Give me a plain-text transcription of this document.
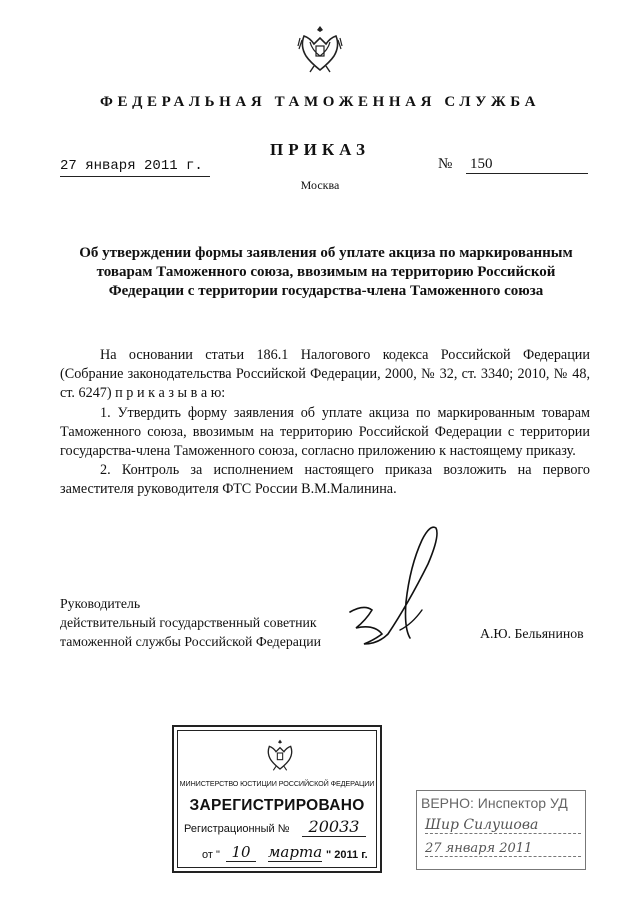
ФЕДЕРАЛЬНАЯ ТАМОЖЕННАЯ СЛУЖБА
ПРИКАЗ
27 января 2011 г.	№ 150
Москва
Об утверждении формы заявления об уплате акциза по маркированным товарам Таможенного союза, ввозимым на территорию Российской Федерации с территории государства-члена Таможенного союза

На основании статьи 186.1 Налогового кодекса Российской Федерации (Собрание законодательства Российской Федерации, 2000, № 32, ст. 3340; 2010, № 48, ст. 6247) п р и к а з ы в а ю:

1. Утвердить форму заявления об уплате акциза по маркированным товарам Таможенного союза, ввозимым на территорию Российской Федерации с территории государства-члена Таможенного союза, согласно приложению к настоящему приказу.

2. Контроль за исполнением настоящего приказа возложить на первого заместителя руководителя ФТС России В.М.Малинина.

Руководитель
действительный государственный советник
таможенной службы Российской Федерации
А.Ю. Бельянинов
МИНИСТЕРСТВО ЮСТИЦИИ РОССИЙСКОЙ ФЕДЕРАЦИИ
ЗАРЕГИСТРИРОВАНО
Регистрационный №	20033
от " 10	марта " 2011 г.
ВЕРНО: Инспектор УД
Шир Силушова
27 января 2011
